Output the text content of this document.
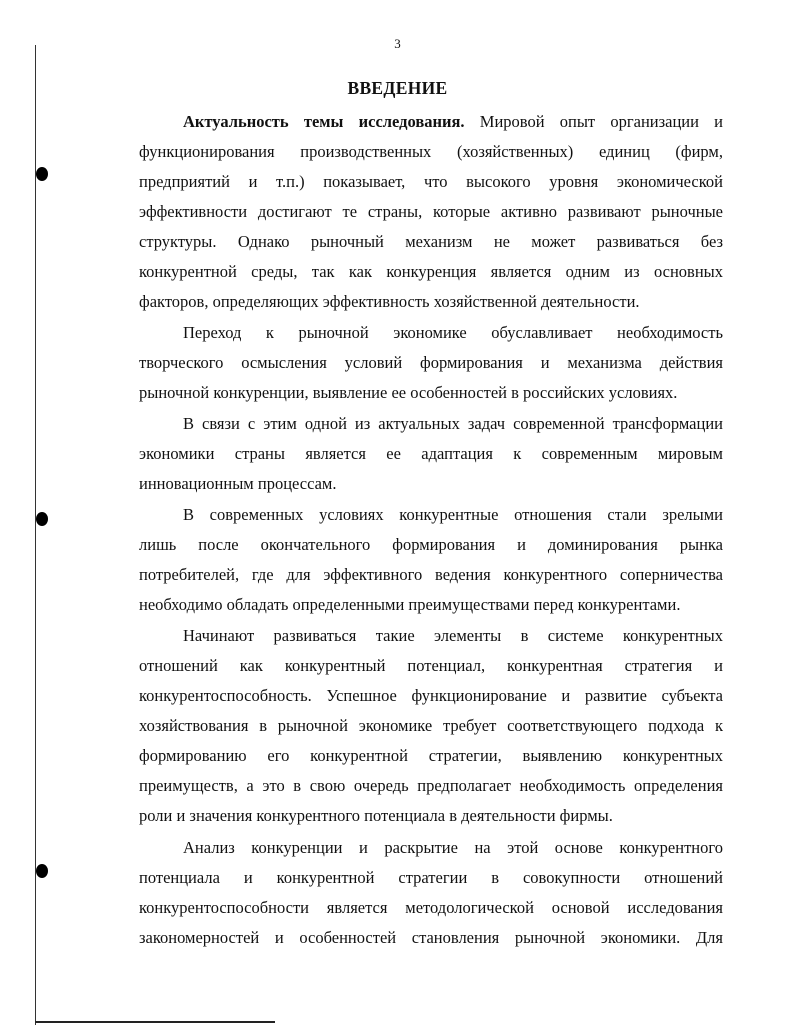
3
ВВЕДЕНИЕ
Актуальность темы исследования. Мировой опыт организации и
функционирования производственных (хозяйственных) единиц (фирм,
предприятий и т.п.) показывает, что высокого уровня экономической
эффективности достигают те страны, которые активно развивают рыночные
структуры. Однако рыночный механизм не может развиваться без
конкурентной среды, так как конкуренция является одним из основных
факторов, определяющих эффективность хозяйственной деятельности.
Переход к рыночной экономике обуславливает необходимость
творческого осмысления условий формирования и механизма действия
рыночной конкуренции, выявление ее особенностей в российских условиях.
В связи с этим одной из актуальных задач современной трансформации
экономики страны является ее адаптация к современным мировым
инновационным процессам.
В современных условиях конкурентные отношения стали зрелыми
лишь после окончательного формирования и доминирования рынка
потребителей, где для эффективного ведения конкурентного соперничества
необходимо обладать определенными преимуществами перед конкурентами.
Начинают развиваться такие элементы в системе конкурентных
отношений как конкурентный потенциал, конкурентная стратегия и
конкурентоспособность. Успешное функционирование и развитие субъекта
хозяйствования в рыночной экономике требует соответствующего подхода к
формированию его конкурентной стратегии, выявлению конкурентных
преимуществ, а это в свою очередь предполагает необходимость определения
роли и значения конкурентного потенциала в деятельности фирмы.
Анализ конкуренции и раскрытие на этой основе конкурентного
потенциала и конкурентной стратегии в совокупности отношений
конкурентоспособности является методологической основой исследования
закономерностей и особенностей становления рыночной экономики. Для
